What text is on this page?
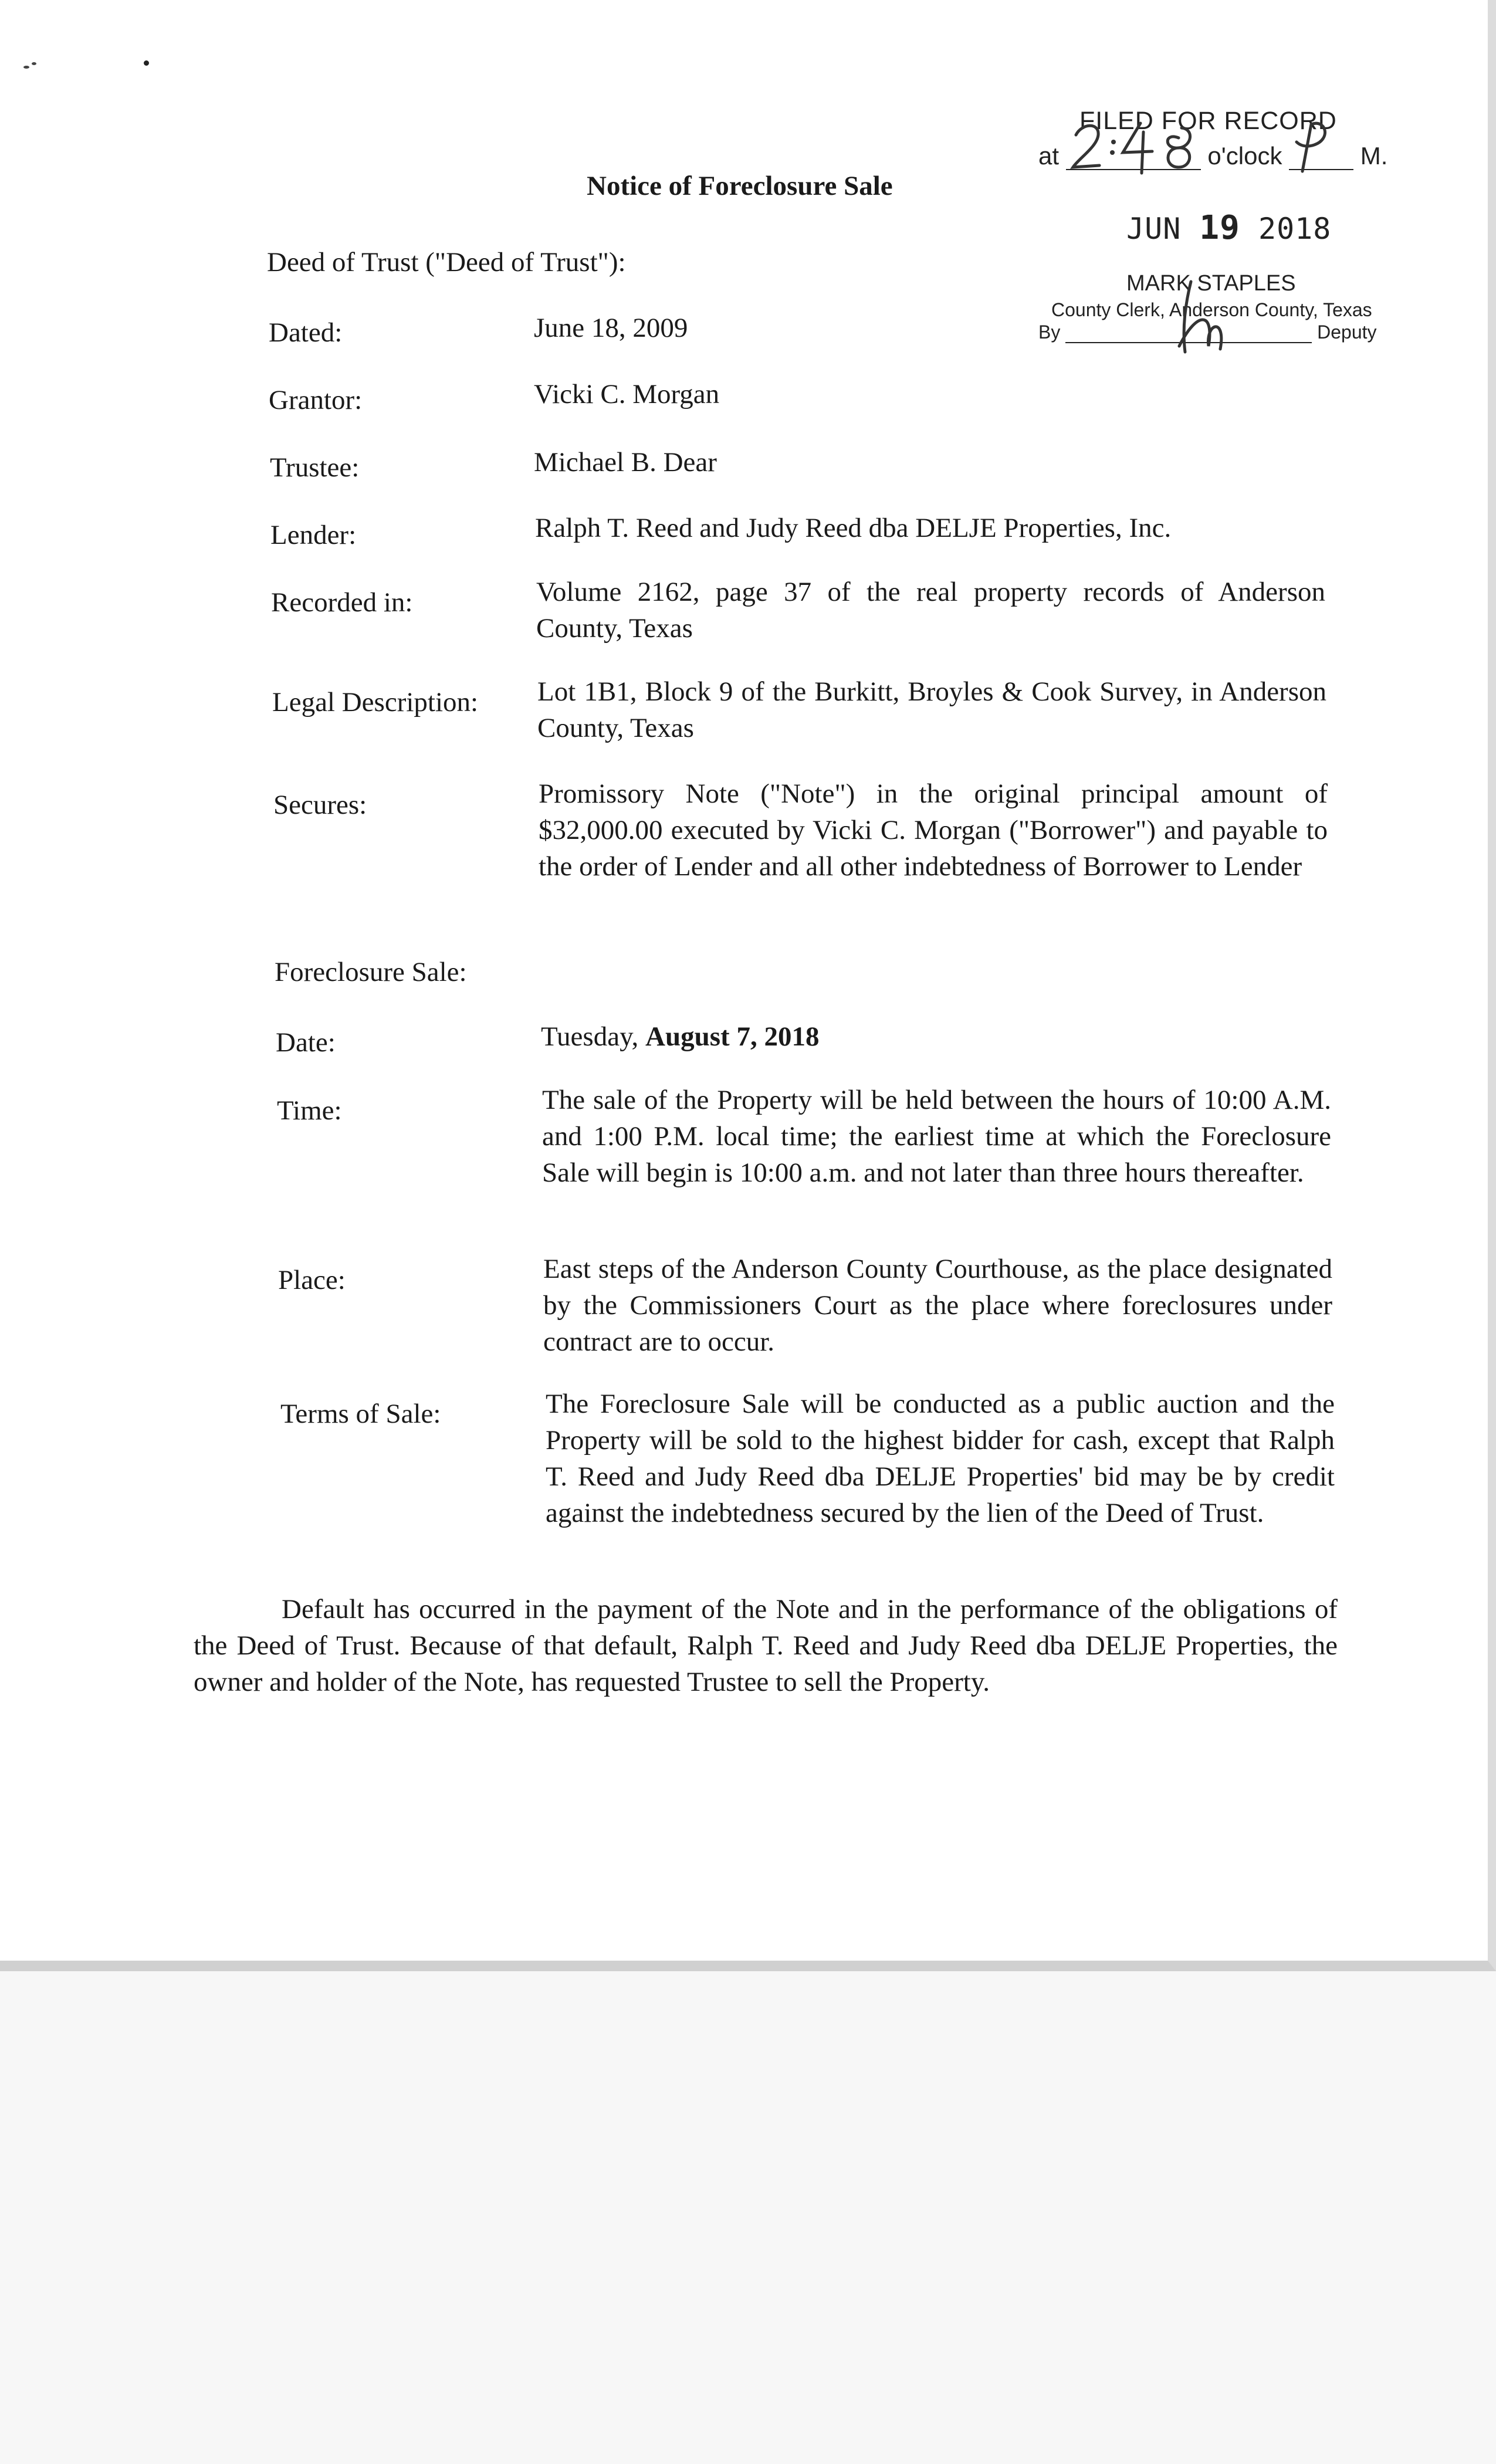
FILED FOR RECORD
at	o'clock	M.
JUN 19 2018
MARK STAPLES
County Clerk, Anderson County, Texas
By	Deputy
Notice of Foreclosure Sale
Deed of Trust ("Deed of Trust"):
Dated:	June 18, 2009
Grantor:	Vicki C. Morgan
Trustee:	Michael B. Dear
Lender:	Ralph T. Reed and Judy Reed dba DELJE Properties, Inc.
Recorded in:	Volume 2162, page 37 of the real property records of Anderson County, Texas
Legal Description: Lot 1B1, Block 9 of the Burkitt, Broyles & Cook Survey, in Anderson County, Texas
Secures:	Promissory Note ("Note") in the original principal amount of $32,000.00 executed by Vicki C. Morgan ("Borrower") and payable to the order of Lender and all other indebtedness of Borrower to Lender
Foreclosure Sale:
Date:	Tuesday, August 7, 2018
Time:	The sale of the Property will be held between the hours of 10:00 A.M. and 1:00 P.M. local time; the earliest time at which the Foreclosure Sale will begin is 10:00 a.m. and not later than three hours thereafter.
Place:	East steps of the Anderson County Courthouse, as the place designated by the Commissioners Court as the place where foreclosures under contract are to occur.
Terms of Sale:	The Foreclosure Sale will be conducted as a public auction and the Property will be sold to the highest bidder for cash, except that Ralph T. Reed and Judy Reed dba DELJE Properties' bid may be by credit against the indebtedness secured by the lien of the Deed of Trust.
Default has occurred in the payment of the Note and in the performance of the obligations of the Deed of Trust. Because of that default, Ralph T. Reed and Judy Reed dba DELJE Properties, the owner and holder of the Note, has requested Trustee to sell the Property.
